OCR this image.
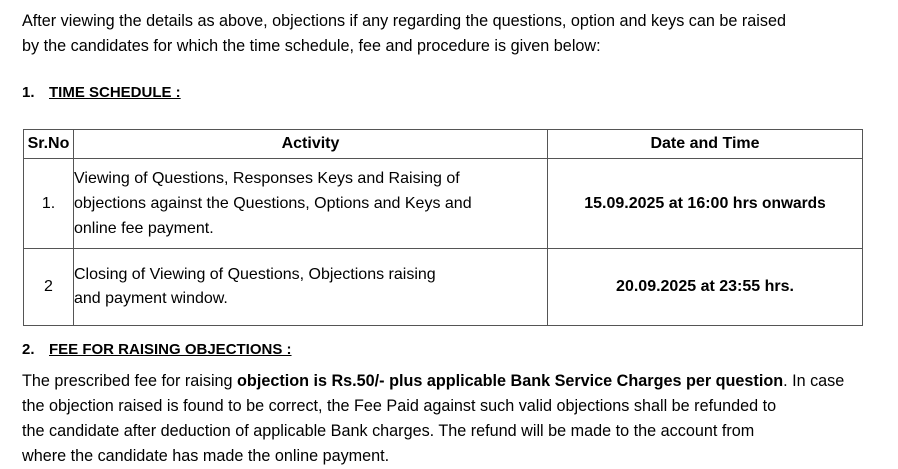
After viewing the details as above, objections if any regarding the questions, option and keys can be raised
by the candidates for which the time schedule, fee and procedure is given below:

1. TIME SCHEDULE :
Sr.No	Activity	Date and Time
1.	Viewing of Questions, Responses Keys and Raising of
objections against the Questions, Options and Keys and
online fee payment.	15.09.2025 at 16:00 hrs onwards
2	Closing of Viewing of Questions, Objections raising
and payment window.	20.09.2025 at 23:55 hrs.
2. FEE FOR RAISING OBJECTIONS :

The prescribed fee for raising objection is Rs.50/- plus applicable Bank Service Charges per question. In case
the objection raised is found to be correct, the Fee Paid against such valid objections shall be refunded to
the candidate after deduction of applicable Bank charges. The refund will be made to the account from
where the candidate has made the online payment.
